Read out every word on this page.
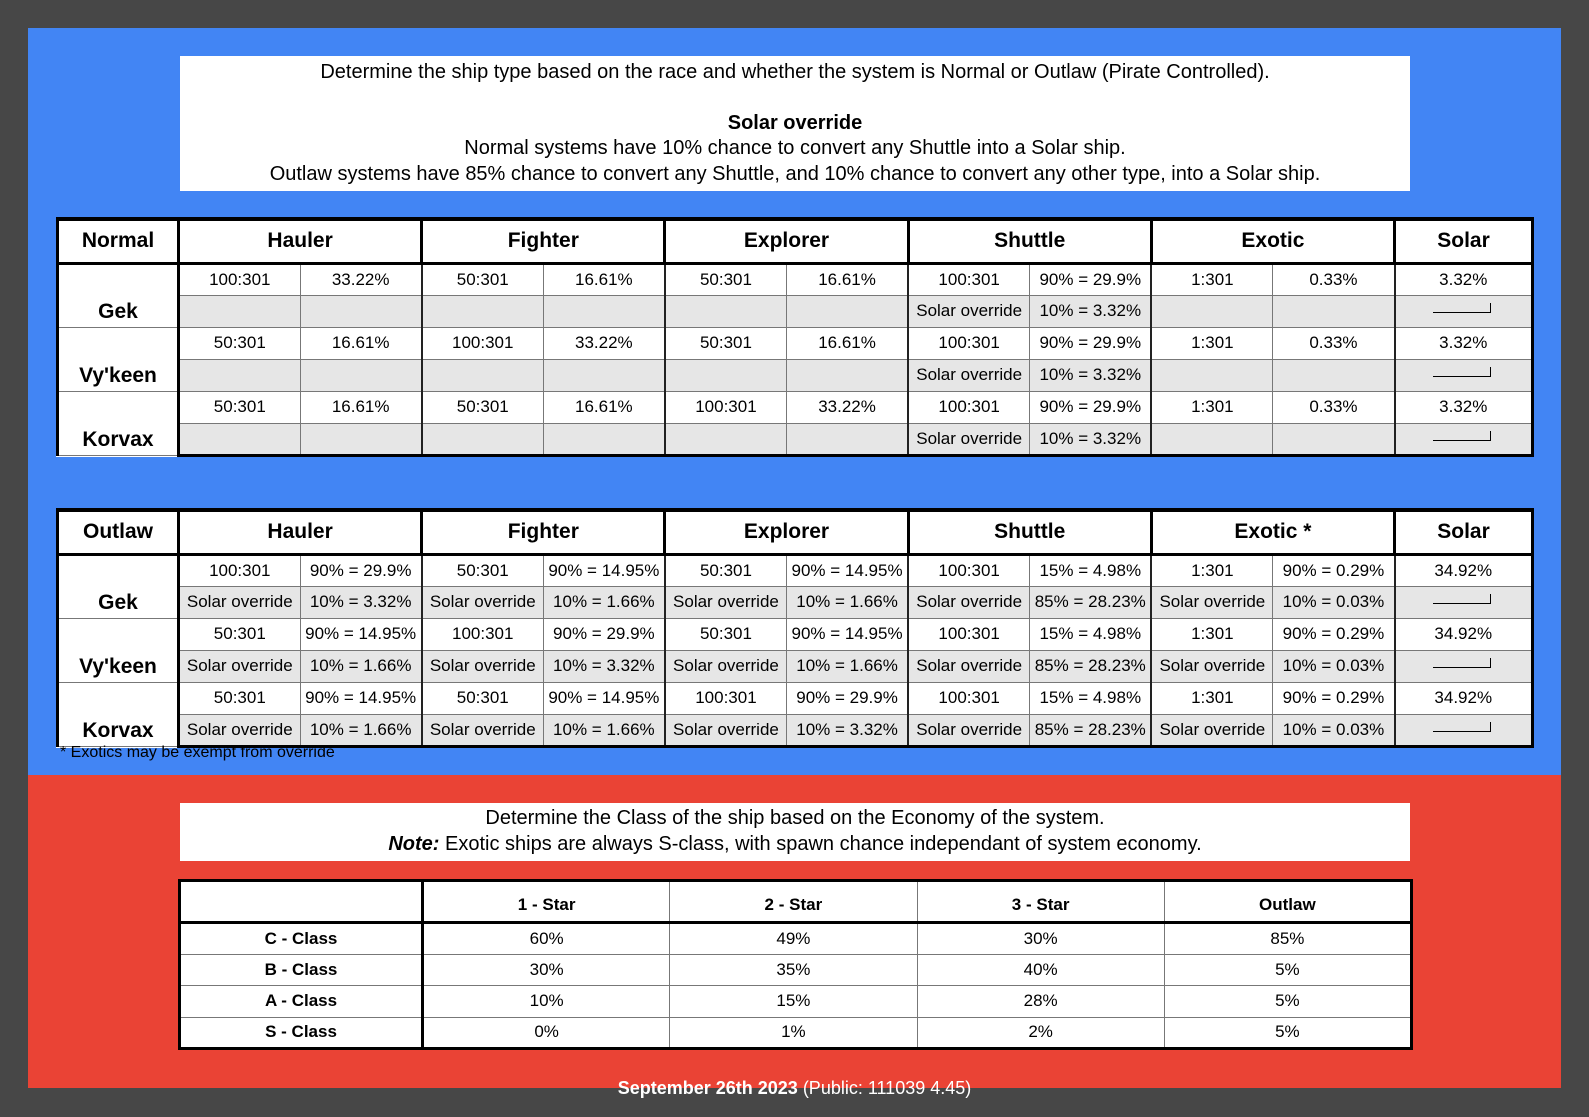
Determine the ship type based on the race and whether the system is Normal or Outlaw (Pirate Controlled).
Solar override
Normal systems have 10% chance to convert any Shuttle into a Solar ship.
Outlaw systems have 85% chance to convert any Shuttle, and 10% chance to convert any other type, into a Solar ship.
Normal	Hauler		Fighter		Explorer		Shuttle		Exotic		Solar
Gek	100:301	33.22%	50:301	16.61%	50:301	16.61%	100:301	90% = 29.9%	1:301	0.33%	3.32%
							Solar override	10% = 3.32%			
Vy'keen	50:301	16.61%	100:301	33.22%	50:301	16.61%	100:301	90% = 29.9%	1:301	0.33%	3.32%
							Solar override	10% = 3.32%			
Korvax	50:301	16.61%	50:301	16.61%	100:301	33.22%	100:301	90% = 29.9%	1:301	0.33%	3.32%
							Solar override	10% = 3.32%			
Outlaw	Hauler		Fighter		Explorer		Shuttle		Exotic *		Solar
Gek	100:301	90% = 29.9%	50:301	90% = 14.95%	50:301	90% = 14.95%	100:301	15% = 4.98%	1:301	90% = 0.29%	34.92%
	Solar override	10% = 3.32%	Solar override	10% = 1.66%	Solar override	10% = 1.66%	Solar override	85% = 28.23%	Solar override	10% = 0.03%	
Vy'keen	50:301	90% = 14.95%	100:301	90% = 29.9%	50:301	90% = 14.95%	100:301	15% = 4.98%	1:301	90% = 0.29%	34.92%
	Solar override	10% = 1.66%	Solar override	10% = 3.32%	Solar override	10% = 1.66%	Solar override	85% = 28.23%	Solar override	10% = 0.03%	
Korvax	50:301	90% = 14.95%	50:301	90% = 14.95%	100:301	90% = 29.9%	100:301	15% = 4.98%	1:301	90% = 0.29%	34.92%
	Solar override	10% = 1.66%	Solar override	10% = 1.66%	Solar override	10% = 3.32%	Solar override	85% = 28.23%	Solar override	10% = 0.03%	
* Exotics may be exempt from override
Determine the Class of the ship based on the Economy of the system.
Note: Exotic ships are always S-class, with spawn chance independant of system economy.
	1 - Star	2 - Star	3 - Star	Outlaw
C - Class	60%	49%	30%	85%
B - Class	30%	35%	40%	5%
A - Class	10%	15%	28%	5%
S - Class	0%	1%	2%	5%
September 26th 2023 (Public: 111039 4.45)
